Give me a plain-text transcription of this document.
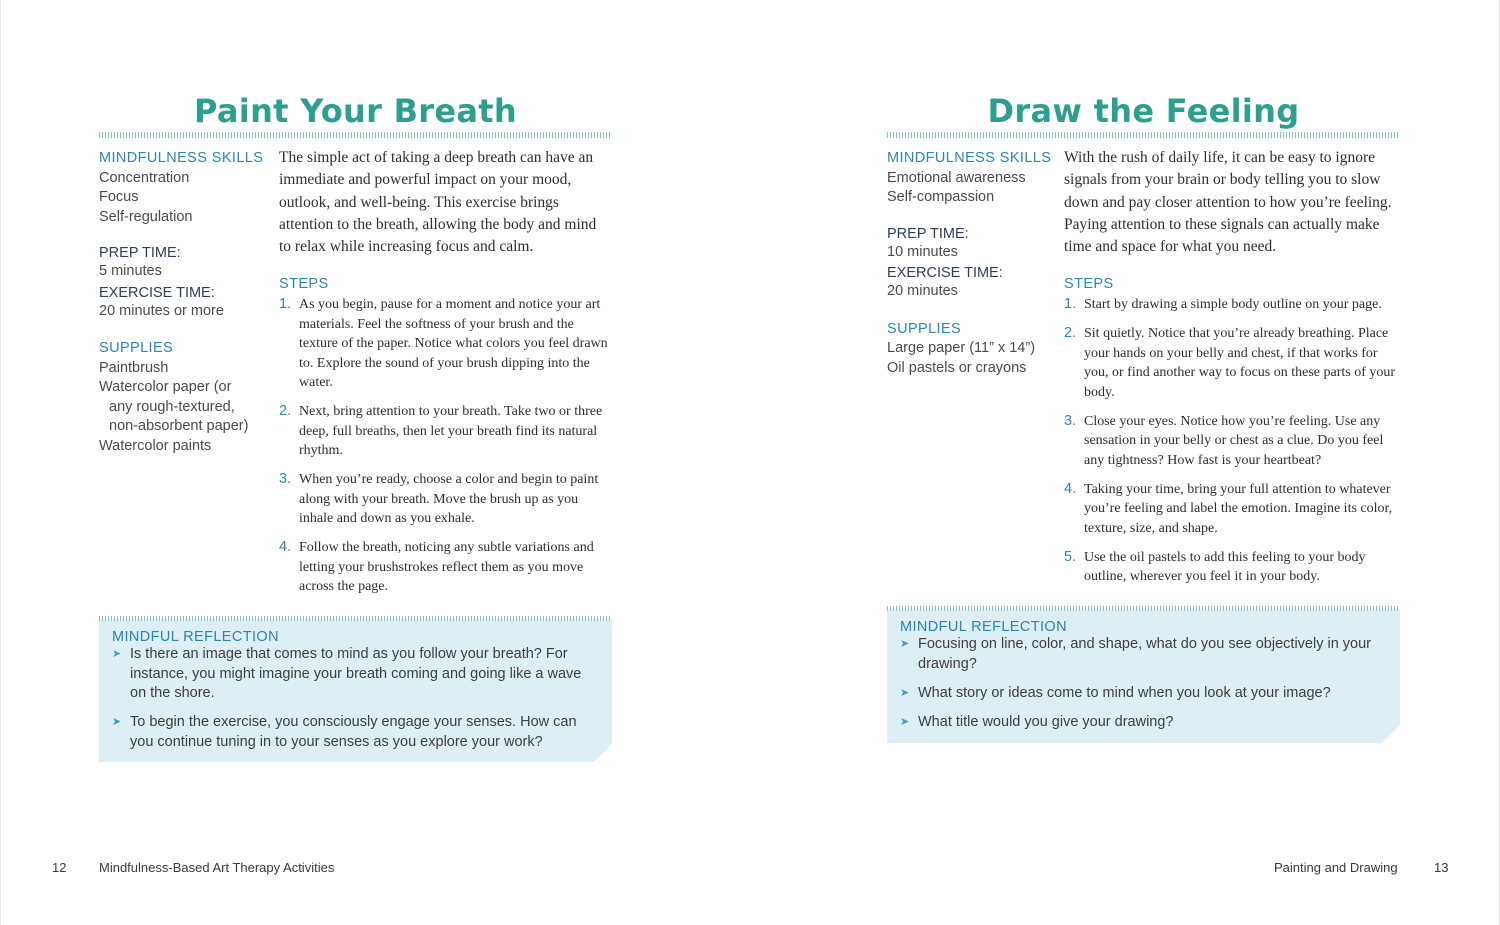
Paint Your Breath
MINDFULNESS SKILLS
Concentration
Focus
Self-regulation
PREP TIME:
5 minutes
EXERCISE TIME:
20 minutes or more
SUPPLIES
Paintbrush
Watercolor paper (or
any rough-textured,
non-absorbent paper)
Watercolor paints

The simple act of taking a deep breath can have an immediate and powerful impact on your mood, outlook, and well-being. This exercise brings attention to the breath, allowing the body and mind to relax while increasing focus and calm.

STEPS
1. As you begin, pause for a moment and notice your art materials. Feel the softness of your brush and the texture of the paper. Notice what colors you feel drawn to. Explore the sound of your brush dipping into the water.
2. Next, bring attention to your breath. Take two or three deep, full breaths, then let your breath find its natural rhythm.
3. When you’re ready, choose a color and begin to paint along with your breath. Move the brush up as you inhale and down as you exhale.
4. Follow the breath, noticing any subtle variations and letting your brushstrokes reflect them as you move across the page.
MINDFUL REFLECTION
➤ Is there an image that comes to mind as you follow your breath? For instance, you might imagine your breath coming and going like a wave on the shore.
➤ To begin the exercise, you consciously engage your senses. How can you continue tuning in to your senses as you explore your work?
12	Mindfulness-Based Art Therapy Activities
Draw the Feeling
MINDFULNESS SKILLS
Emotional awareness
Self-compassion
PREP TIME:
10 minutes
EXERCISE TIME:
20 minutes
SUPPLIES
Large paper (11” x 14”)
Oil pastels or crayons

With the rush of daily life, it can be easy to ignore signals from your brain or body telling you to slow down and pay closer attention to how you’re feeling. Paying attention to these signals can actually make time and space for what you need.

STEPS
1. Start by drawing a simple body outline on your page.
2. Sit quietly. Notice that you’re already breathing. Place your hands on your belly and chest, if that works for you, or find another way to focus on these parts of your body.
3. Close your eyes. Notice how you’re feeling. Use any sensation in your belly or chest as a clue. Do you feel any tightness? How fast is your heartbeat?
4. Taking your time, bring your full attention to whatever you’re feeling and label the emotion. Imagine its color, texture, size, and shape.
5. Use the oil pastels to add this feeling to your body outline, wherever you feel it in your body.
MINDFUL REFLECTION
➤ Focusing on line, color, and shape, what do you see objectively in your drawing?
➤ What story or ideas come to mind when you look at your image?
➤ What title would you give your drawing?
Painting and Drawing	13
